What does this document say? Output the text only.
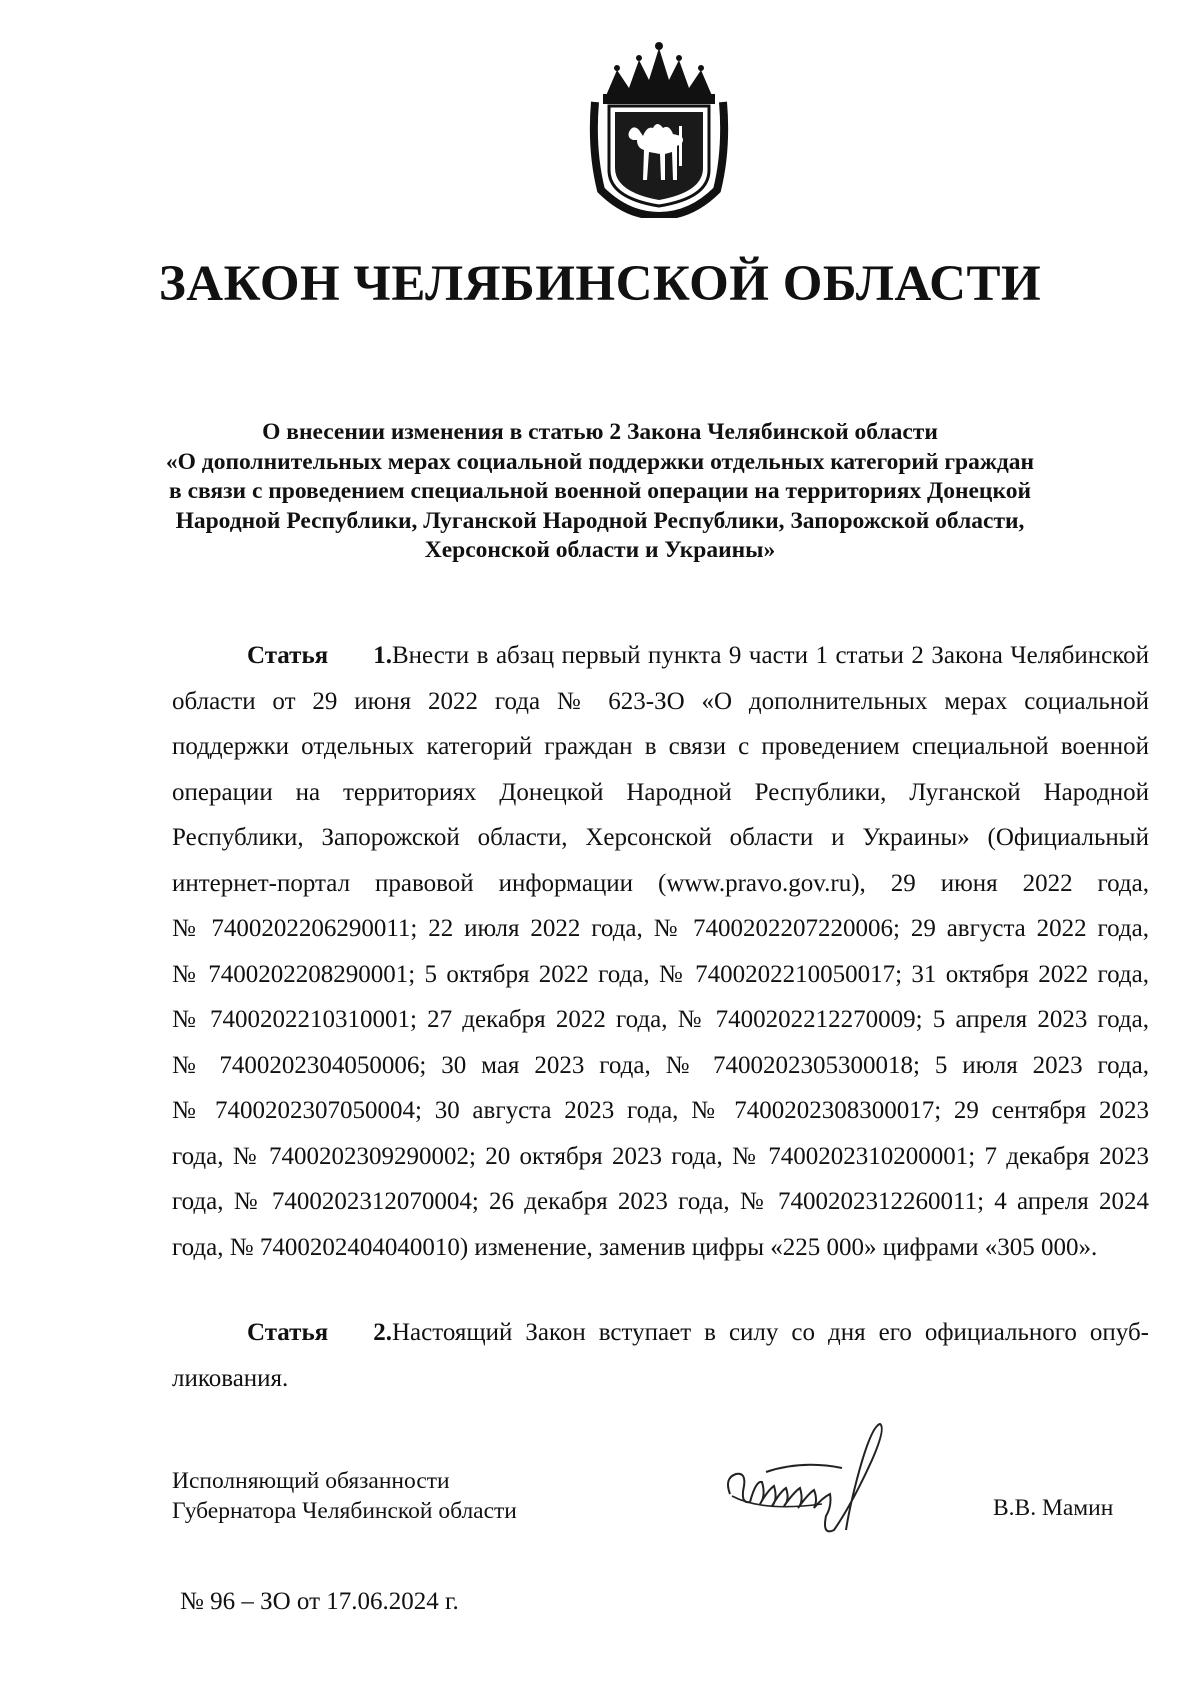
ЗАКОН ЧЕЛЯБИНСКОЙ ОБЛАСТИ
О внесении изменения в статью 2 Закона Челябинской области
«О дополнительных мерах социальной поддержки отдельных категорий граждан
в связи с проведением специальной военной операции на территориях Донецкой
Народной Республики, Луганской Народной Республики, Запорожской области,
Херсонской области и Украины»
Статья 1.Внести в абзац первый пункта 9 части 1 статьи 2 Закона Челябинской
области от 29 июня 2022 года № 623-ЗО «О дополнительных мерах социальной
поддержки отдельных категорий граждан в связи с проведением специальной военной
операции на территориях Донецкой Народной Республики, Луганской Народной
Республики, Запорожской области, Херсонской области и Украины» (Официальный
интернет-портал правовой информации (www.pravo.gov.ru), 29 июня 2022 года,
№ 7400202206290011; 22 июля 2022 года, № 7400202207220006; 29 августа 2022 года,
№ 7400202208290001; 5 октября 2022 года, № 7400202210050017; 31 октября 2022 года,
№ 7400202210310001; 27 декабря 2022 года, № 7400202212270009; 5 апреля 2023 года,
№ 7400202304050006; 30 мая 2023 года, № 7400202305300018; 5 июля 2023 года,
№ 7400202307050004; 30 августа 2023 года, № 7400202308300017; 29 сентября 2023
года, № 7400202309290002; 20 октября 2023 года, № 7400202310200001; 7 декабря 2023
года, № 7400202312070004; 26 декабря 2023 года, № 7400202312260011; 4 апреля 2024
года, № 7400202404040010) изменение, заменив цифры «225 000» цифрами «305 000».
Статья 2.Настоящий Закон вступает в силу со дня его официального опуб-
ликования.
Исполняющий обязанности
Губернатора Челябинской области	В.В. Мамин

№ 96 – ЗО от 17.06.2024 г.
